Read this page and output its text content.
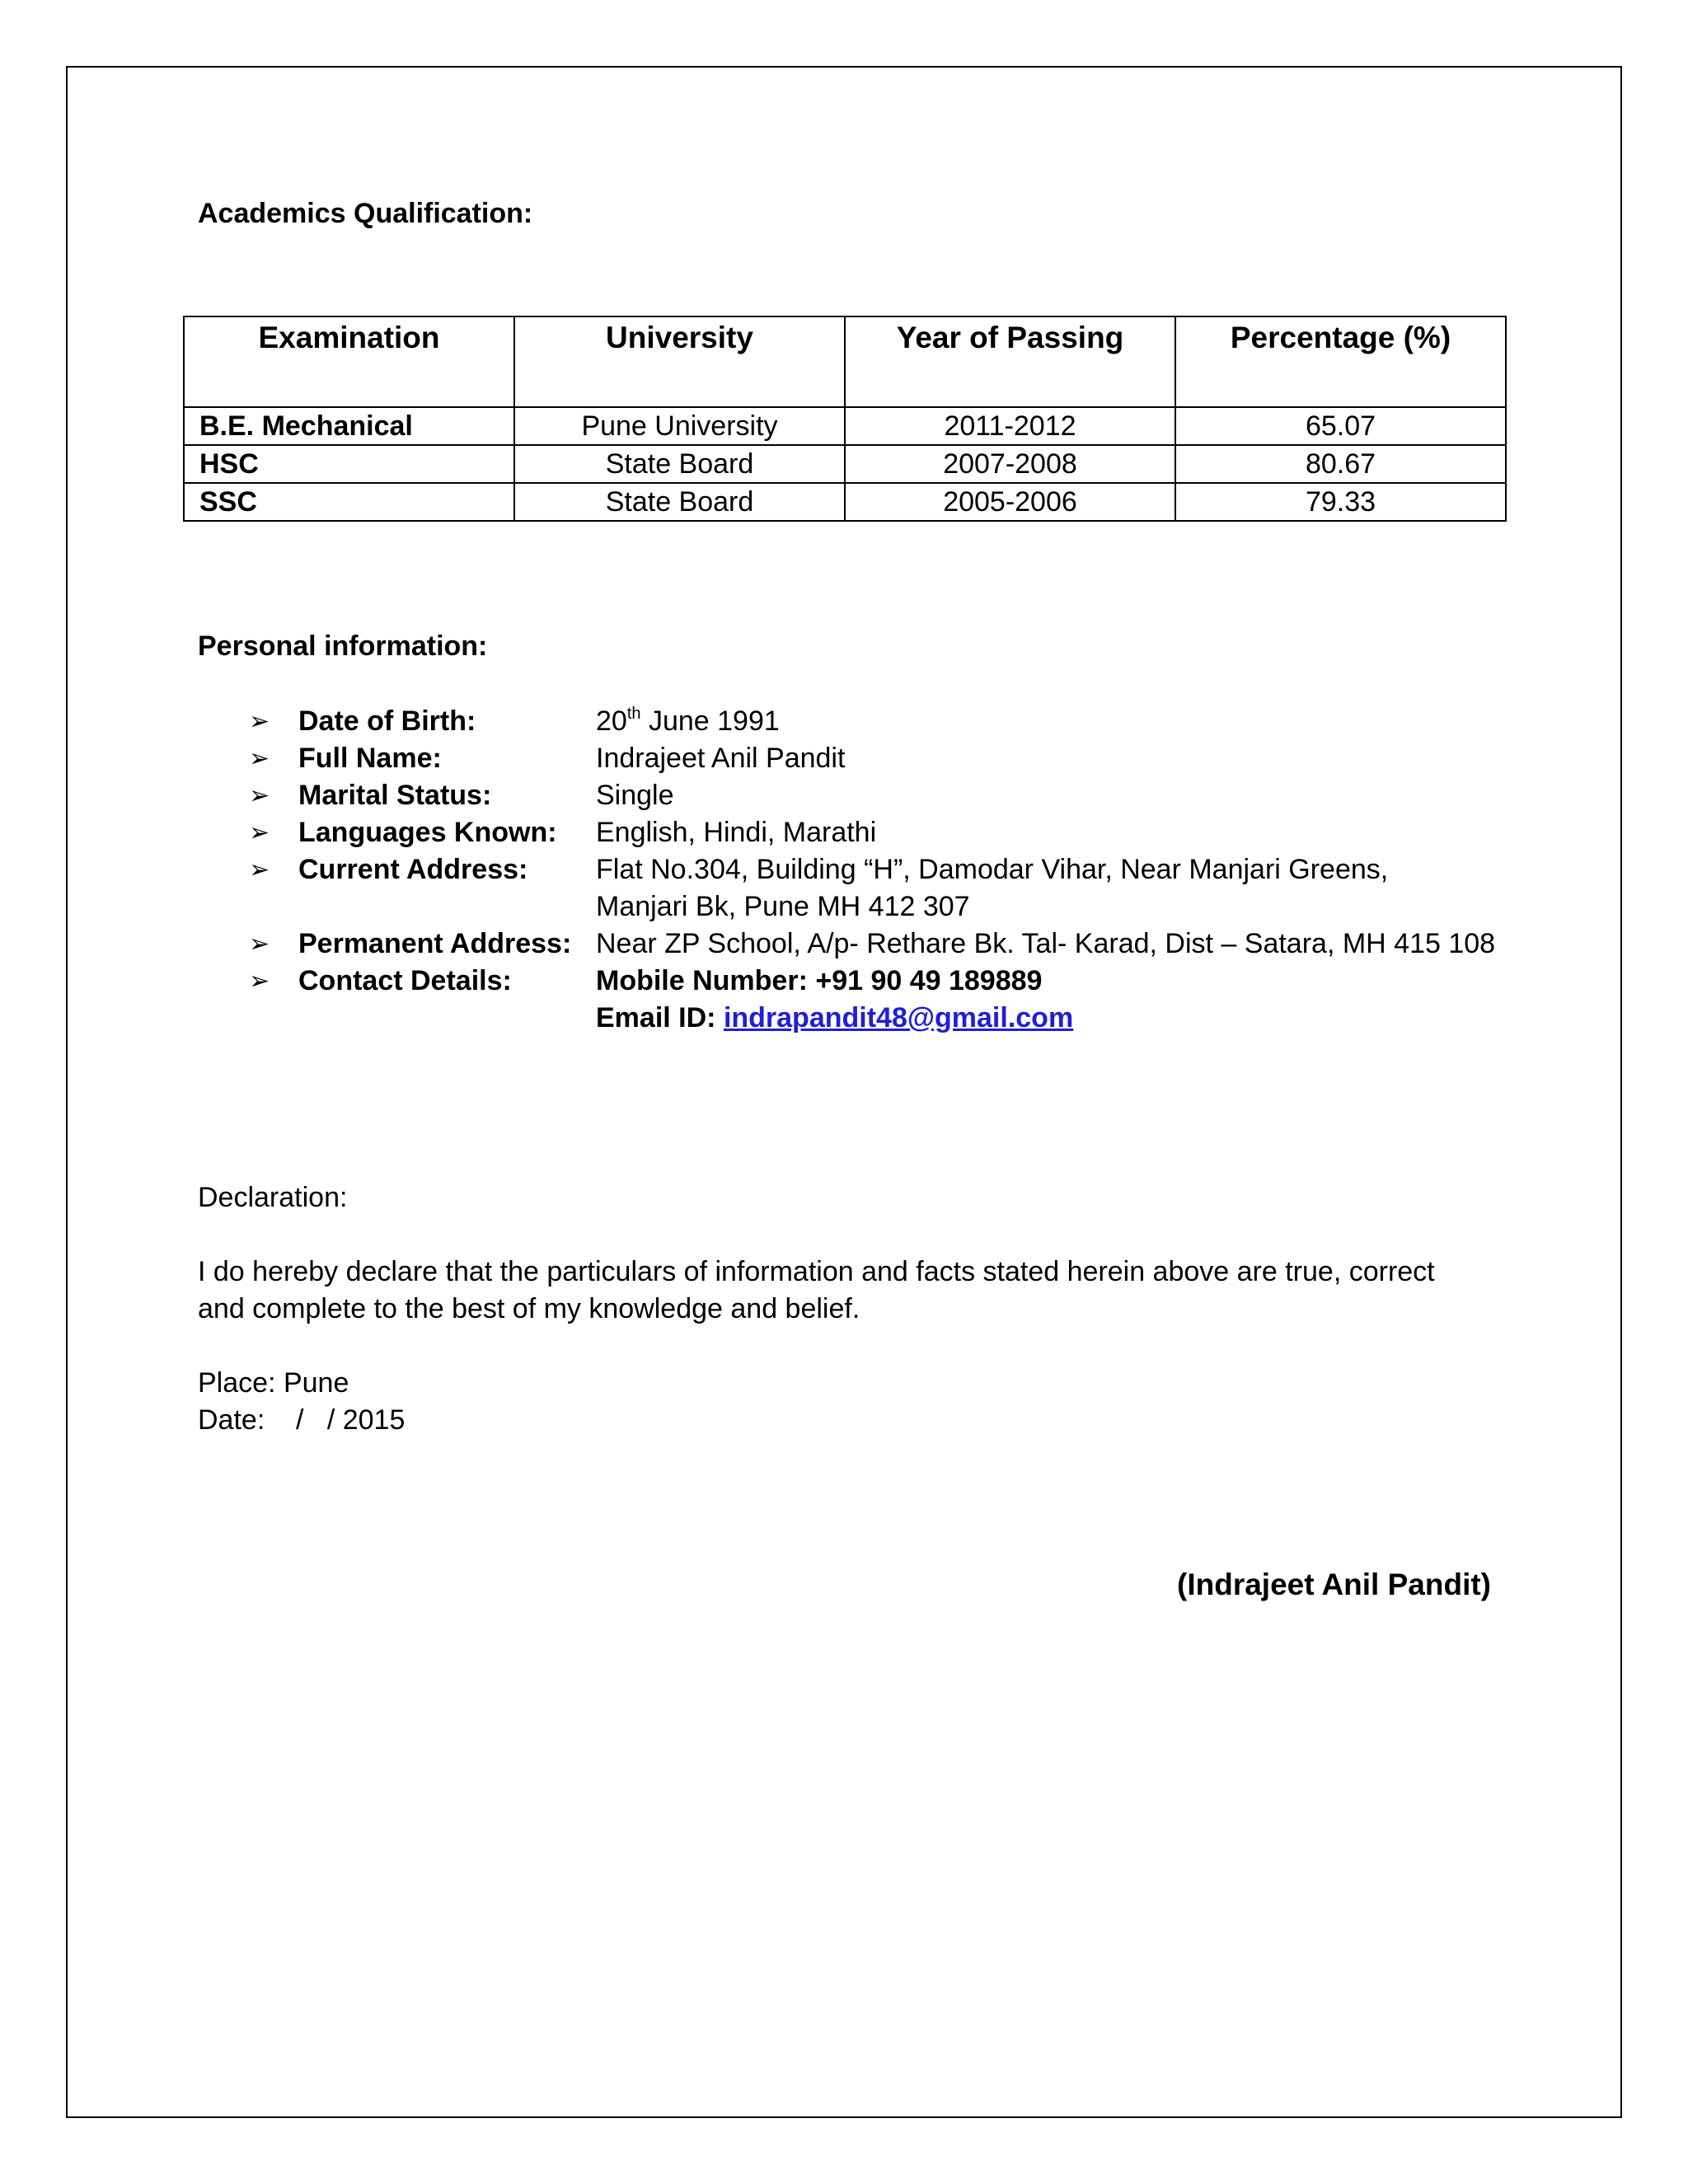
Academics Qualification:
Examination	University	Year of Passing	Percentage (%)
B.E. Mechanical	Pune University	2011-2012	65.07
HSC	State Board	2007-2008	80.67
SSC	State Board	2005-2006	79.33
Personal information:
➢ Date of Birth:	20th June 1991
➢ Full Name:	Indrajeet Anil Pandit
➢ Marital Status:	Single
➢ Languages Known: English, Hindi, Marathi
➢ Current Address: Flat No.304, Building “H”, Damodar Vihar, Near Manjari Greens,
Manjari Bk, Pune MH 412 307
➢ Permanent Address: Near ZP School, A/p- Rethare Bk. Tal- Karad, Dist – Satara, MH 415 108
➢ Contact Details:	Mobile Number: +91 90 49 189889
Email ID: indrapandit48@gmail.com
Declaration:
I do hereby declare that the particulars of information and facts stated herein above are true, correct
and complete to the best of my knowledge and belief.
Place: Pune
Date:    /   / 2015
(Indrajeet Anil Pandit)
